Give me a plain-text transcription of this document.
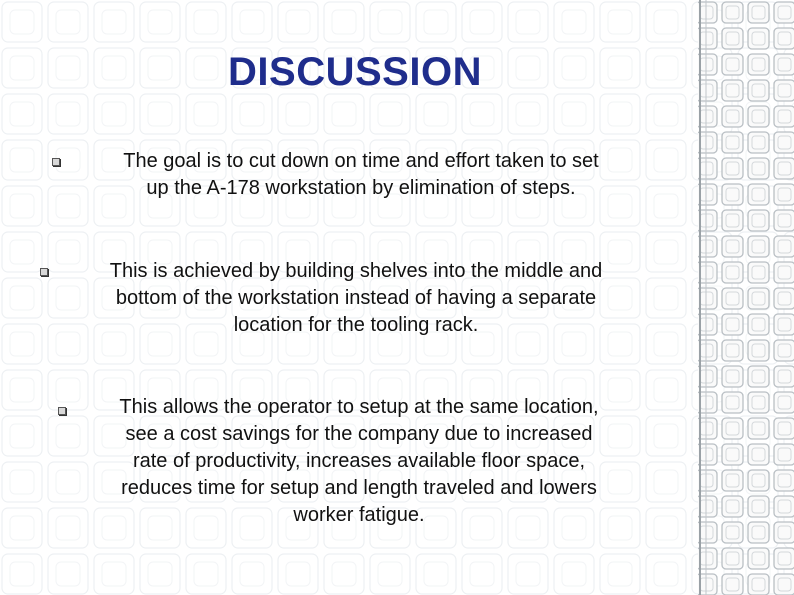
DISCUSSION
The goal is to cut down on time and effort taken to set
up the A-178 workstation by elimination of steps.
This is achieved by building shelves into the middle and
bottom of the workstation instead of having a separate
location for the tooling rack.
This allows the operator to setup at the same location,
see a cost savings for the company due to increased
rate of productivity, increases available floor space,
reduces time for setup and length traveled and lowers
worker fatigue.
